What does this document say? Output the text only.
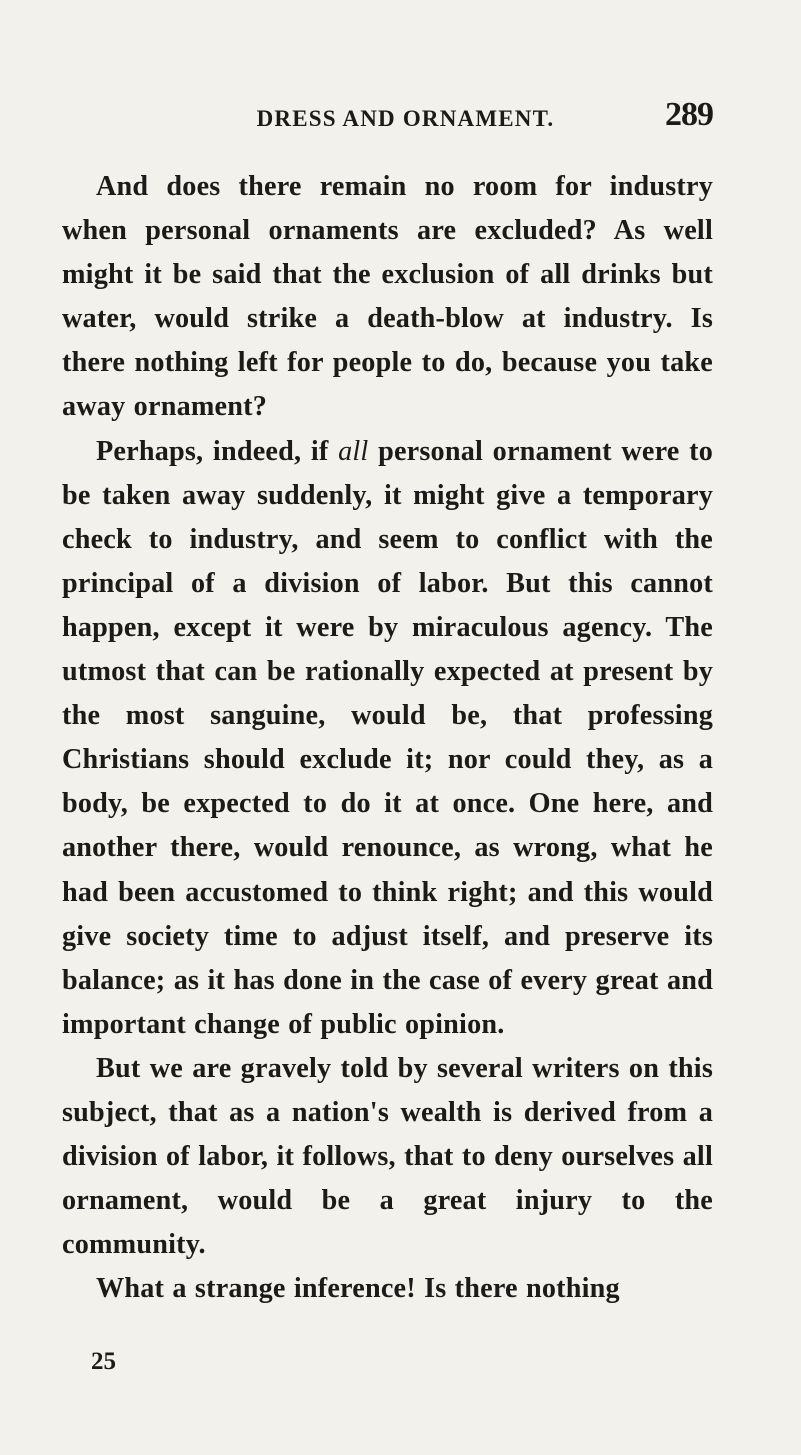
DRESS AND ORNAMENT.	289

And does there remain no room for industry when personal ornaments are excluded? As well might it be said that the exclusion of all drinks but water, would strike a death-blow at industry. Is there nothing left for people to do, because you take away ornament?

Perhaps, indeed, if all personal ornament were to be taken away suddenly, it might give a temporary check to industry, and seem to conflict with the principal of a division of labor. But this cannot happen, except it were by miraculous agency. The utmost that can be rationally expected at present by the most sanguine, would be, that professing Christians should exclude it; nor could they, as a body, be expected to do it at once. One here, and another there, would renounce, as wrong, what he had been accustomed to think right; and this would give society time to adjust itself, and preserve its balance; as it has done in the case of every great and important change of public opinion.

But we are gravely told by several writers on this subject, that as a nation's wealth is derived from a division of labor, it follows, that to deny ourselves all ornament, would be a great injury to the community.

What a strange inference! Is there nothing

25
